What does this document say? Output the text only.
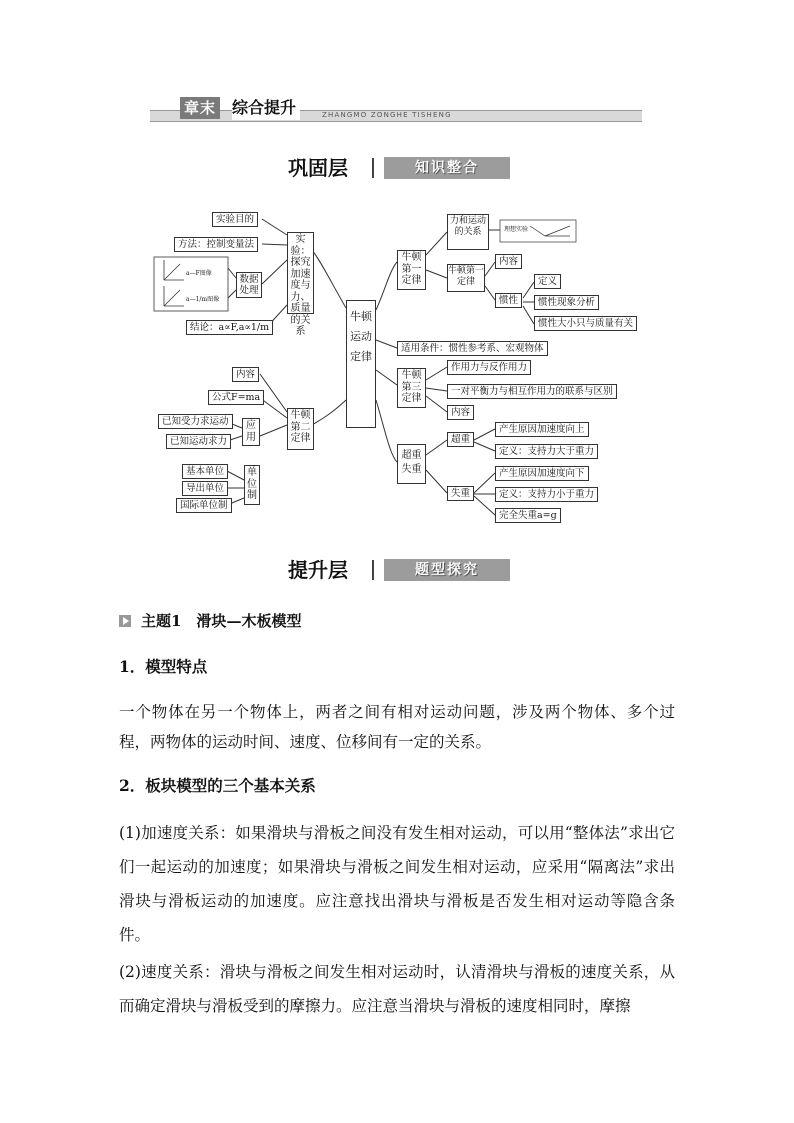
章末 综合提升	ZHANGMO ZONGHE TISHENG
巩固层	知识整合
实验目的
方法：控制变量法
a—F图像
a—1/m图像
数据处理
结论：a∝F,a∝1/m
实验：探究加速度与力、质量的关系
牛顿运动定律
内容
公式F=ma
已知受力求运动
已知运动求力
应用
牛顿第二定律
基本单位
导出单位
国际单位制
单位制
牛顿第一定律
力和运动的关系	理想实验
牛顿第一定律
内容
惯性
定义
惯性现象分析
惯性大小只与质量有关
适用条件：惯性参考系、宏观物体
牛顿第三定律
作用力与反作用力
一对平衡力与相互作用力的联系与区别
内容
超重失重
超重
产生原因加速度向上
定义：支持力大于重力
失重
产生原因加速度向下
定义：支持力小于重力
完全失重a=g
提升层	题型探究
主题1　滑块—木板模型
1．模型特点
一个物体在另一个物体上，两者之间有相对运动问题，涉及两个物体、多个过程，两物体的运动时间、速度、位移间有一定的关系。
2．板块模型的三个基本关系
(1)加速度关系：如果滑块与滑板之间没有发生相对运动，可以用“整体法”求出它们一起运动的加速度；如果滑块与滑板之间发生相对运动，应采用“隔离法”求出滑块与滑板运动的加速度。应注意找出滑块与滑板是否发生相对运动等隐含条件。
(2)速度关系：滑块与滑板之间发生相对运动时，认清滑块与滑板的速度关系，从而确定滑块与滑板受到的摩擦力。应注意当滑块与滑板的速度相同时，摩擦
